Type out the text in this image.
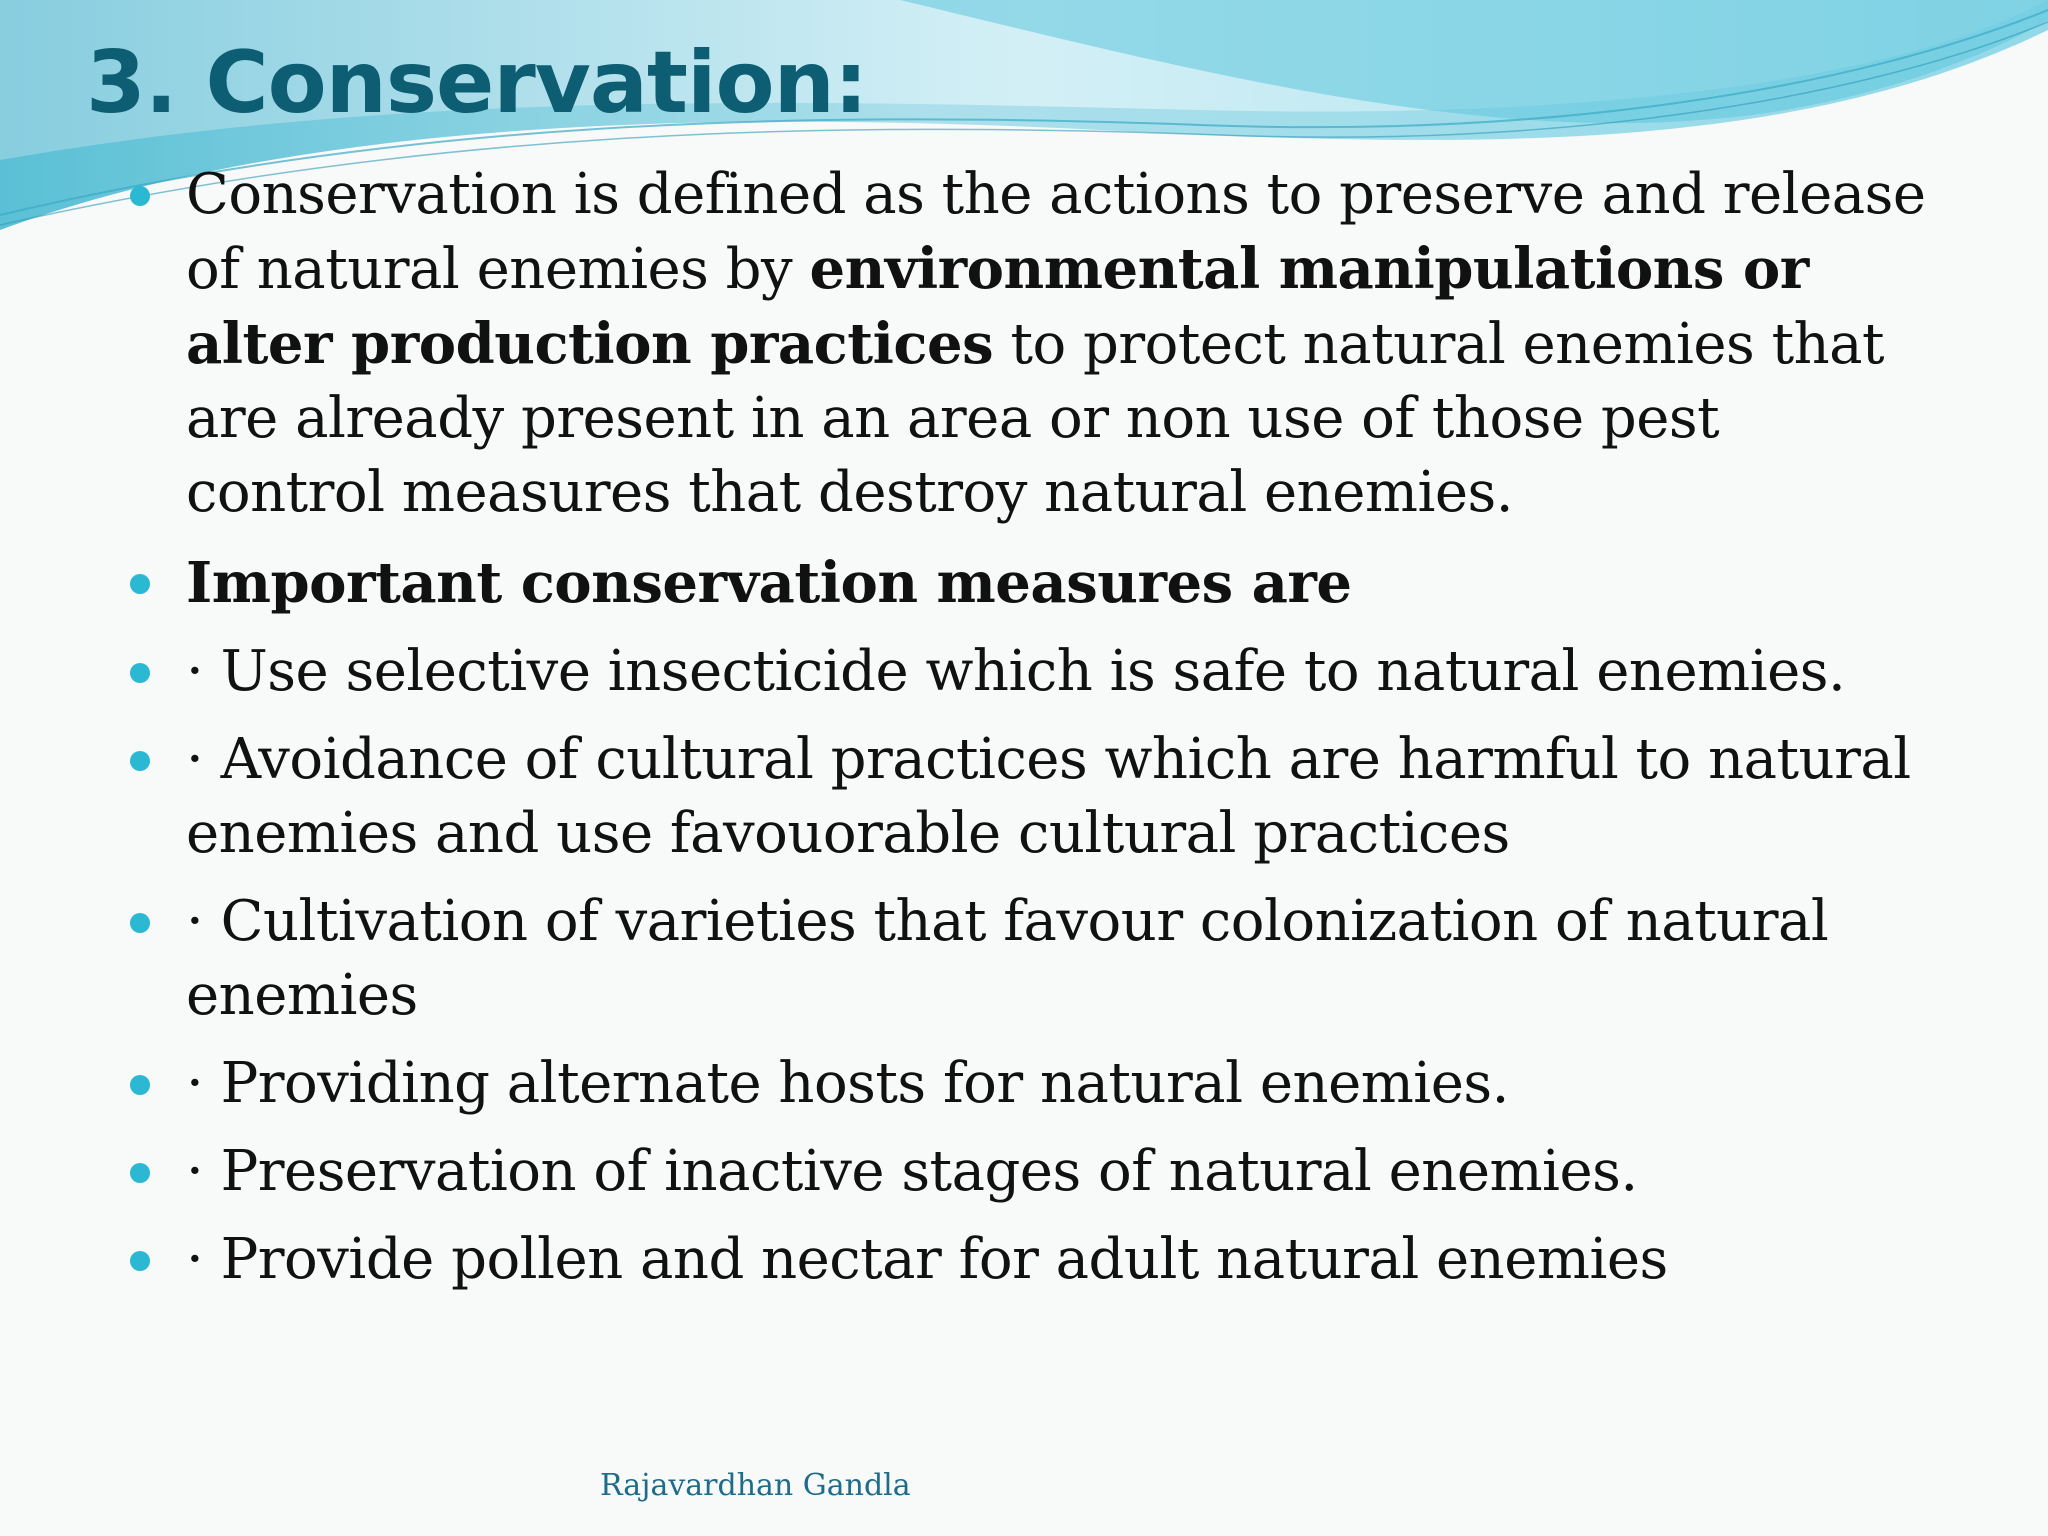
3. Conservation:
Conservation is defined as the actions to preserve and release of natural enemies by environmental manipulations or alter production practices to protect natural enemies that are already present in an area or non use of those pest control measures that destroy natural enemies.
Important conservation measures are
· Use selective insecticide which is safe to natural enemies.
· Avoidance of cultural practices which are harmful to natural enemies and use favouorable cultural practices
· Cultivation of varieties that favour colonization of natural enemies
· Providing alternate hosts for natural enemies.
· Preservation of inactive stages of natural enemies.
· Provide pollen and nectar for adult natural enemies
Rajavardhan Gandla
